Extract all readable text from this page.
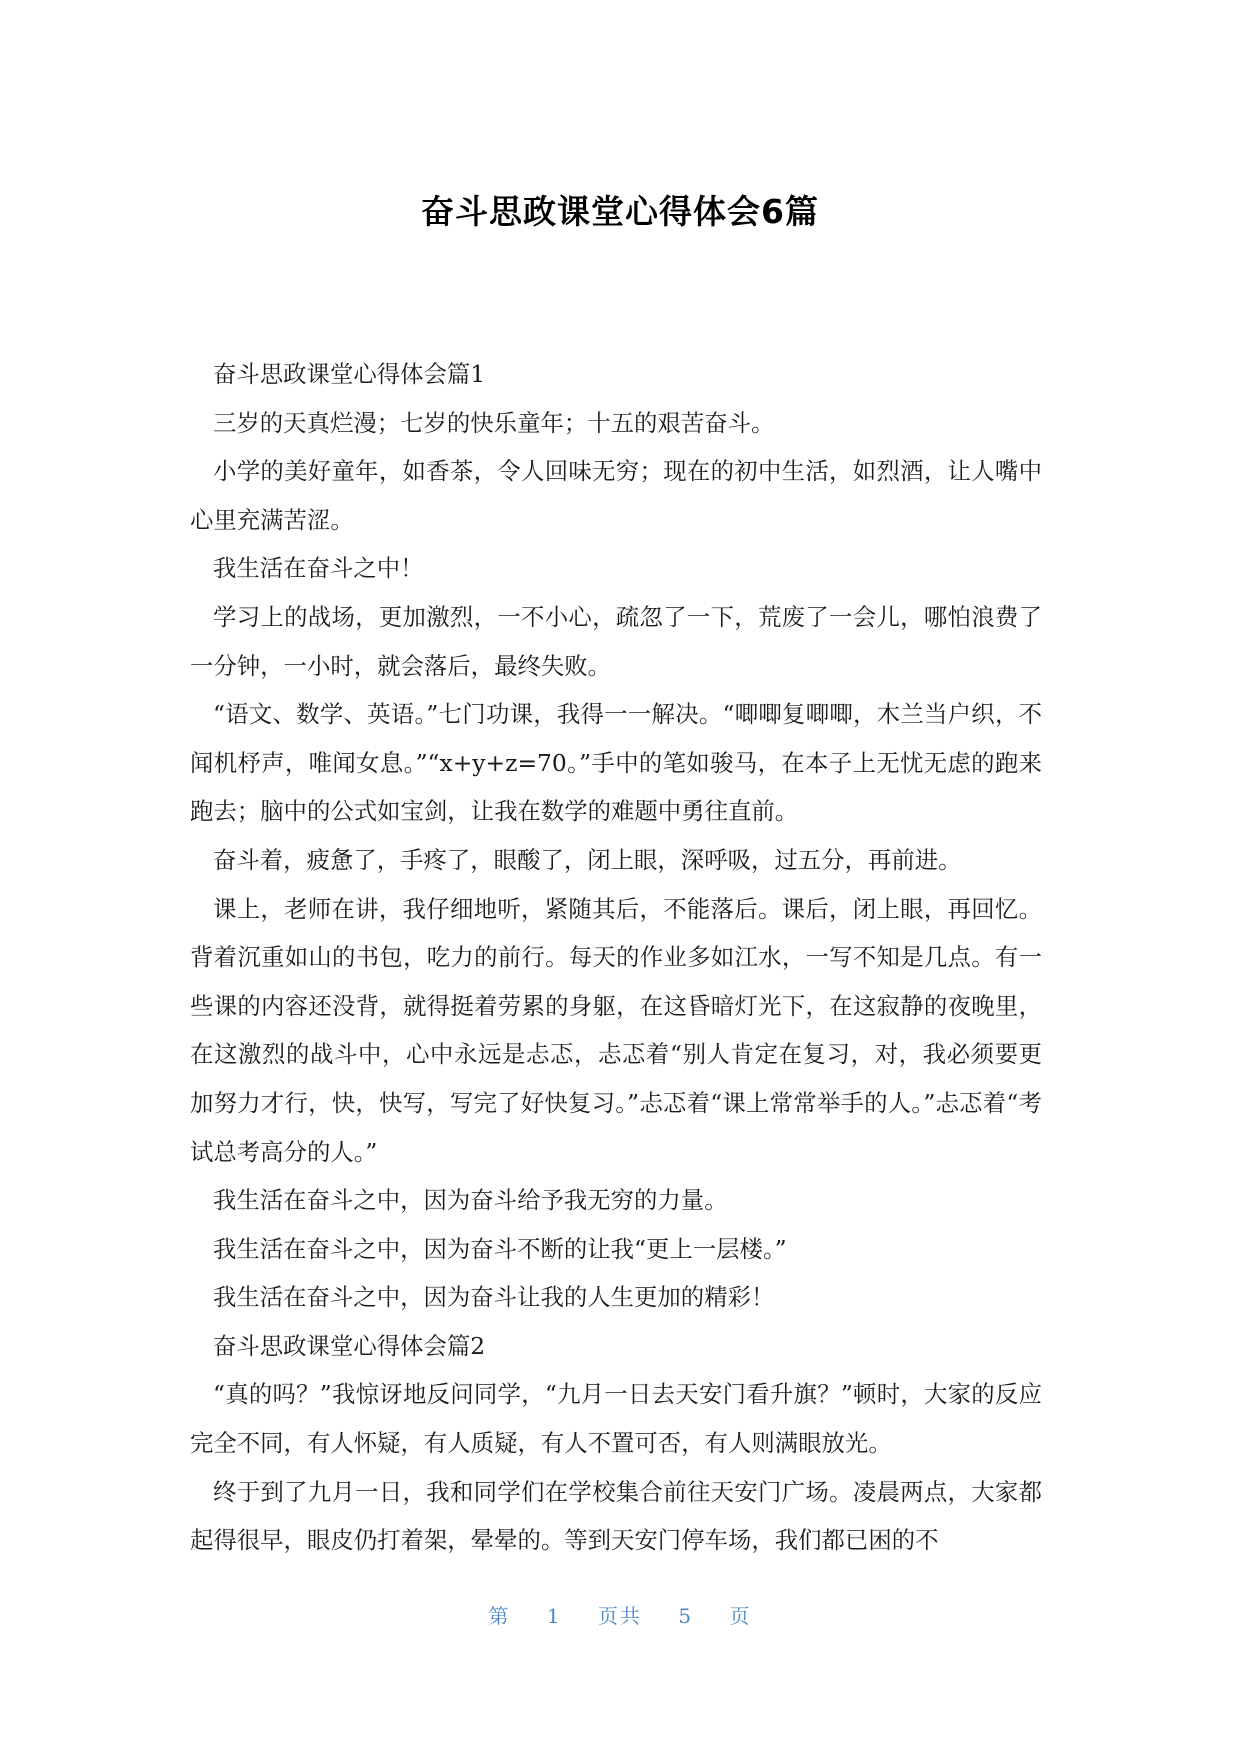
奋斗思政课堂心得体会6篇

奋斗思政课堂心得体会篇1

三岁的天真烂漫；七岁的快乐童年；十五的艰苦奋斗。

小学的美好童年，如香茶，令人回味无穷；现在的初中生活，如烈酒，让人嘴中心里充满苦涩。

我生活在奋斗之中！

学习上的战场，更加激烈，一不小心，疏忽了一下，荒废了一会儿，哪怕浪费了一分钟，一小时，就会落后，最终失败。

“语文、数学、英语。”七门功课，我得一一解决。“唧唧复唧唧，木兰当户织，不闻机杼声，唯闻女息。”“x+y+z=70。”手中的笔如骏马，在本子上无忧无虑的跑来跑去；脑中的公式如宝剑，让我在数学的难题中勇往直前。

奋斗着，疲惫了，手疼了，眼酸了，闭上眼，深呼吸，过五分，再前进。

课上，老师在讲，我仔细地听，紧随其后，不能落后。课后，闭上眼，再回忆。背着沉重如山的书包，吃力的前行。每天的作业多如江水，一写不知是几点。有一些课的内容还没背，就得挺着劳累的身躯，在这昏暗灯光下，在这寂静的夜晚里，在这激烈的战斗中，心中永远是忐忑，忐忑着“别人肯定在复习，对，我必须要更加努力才行，快，快写，写完了好快复习。”忐忑着“课上常常举手的人。”忐忑着“考试总考高分的人。”

我生活在奋斗之中，因为奋斗给予我无穷的力量。

我生活在奋斗之中，因为奋斗不断的让我“更上一层楼。”

我生活在奋斗之中，因为奋斗让我的人生更加的精彩！

奋斗思政课堂心得体会篇2

“真的吗？”我惊讶地反问同学，“九月一日去天安门看升旗？”顿时，大家的反应完全不同，有人怀疑，有人质疑，有人不置可否，有人则满眼放光。

终于到了九月一日，我和同学们在学校集合前往天安门广场。凌晨两点，大家都起得很早，眼皮仍打着架，晕晕的。等到天安门停车场，我们都已困的不

第 1 页共 5 页
